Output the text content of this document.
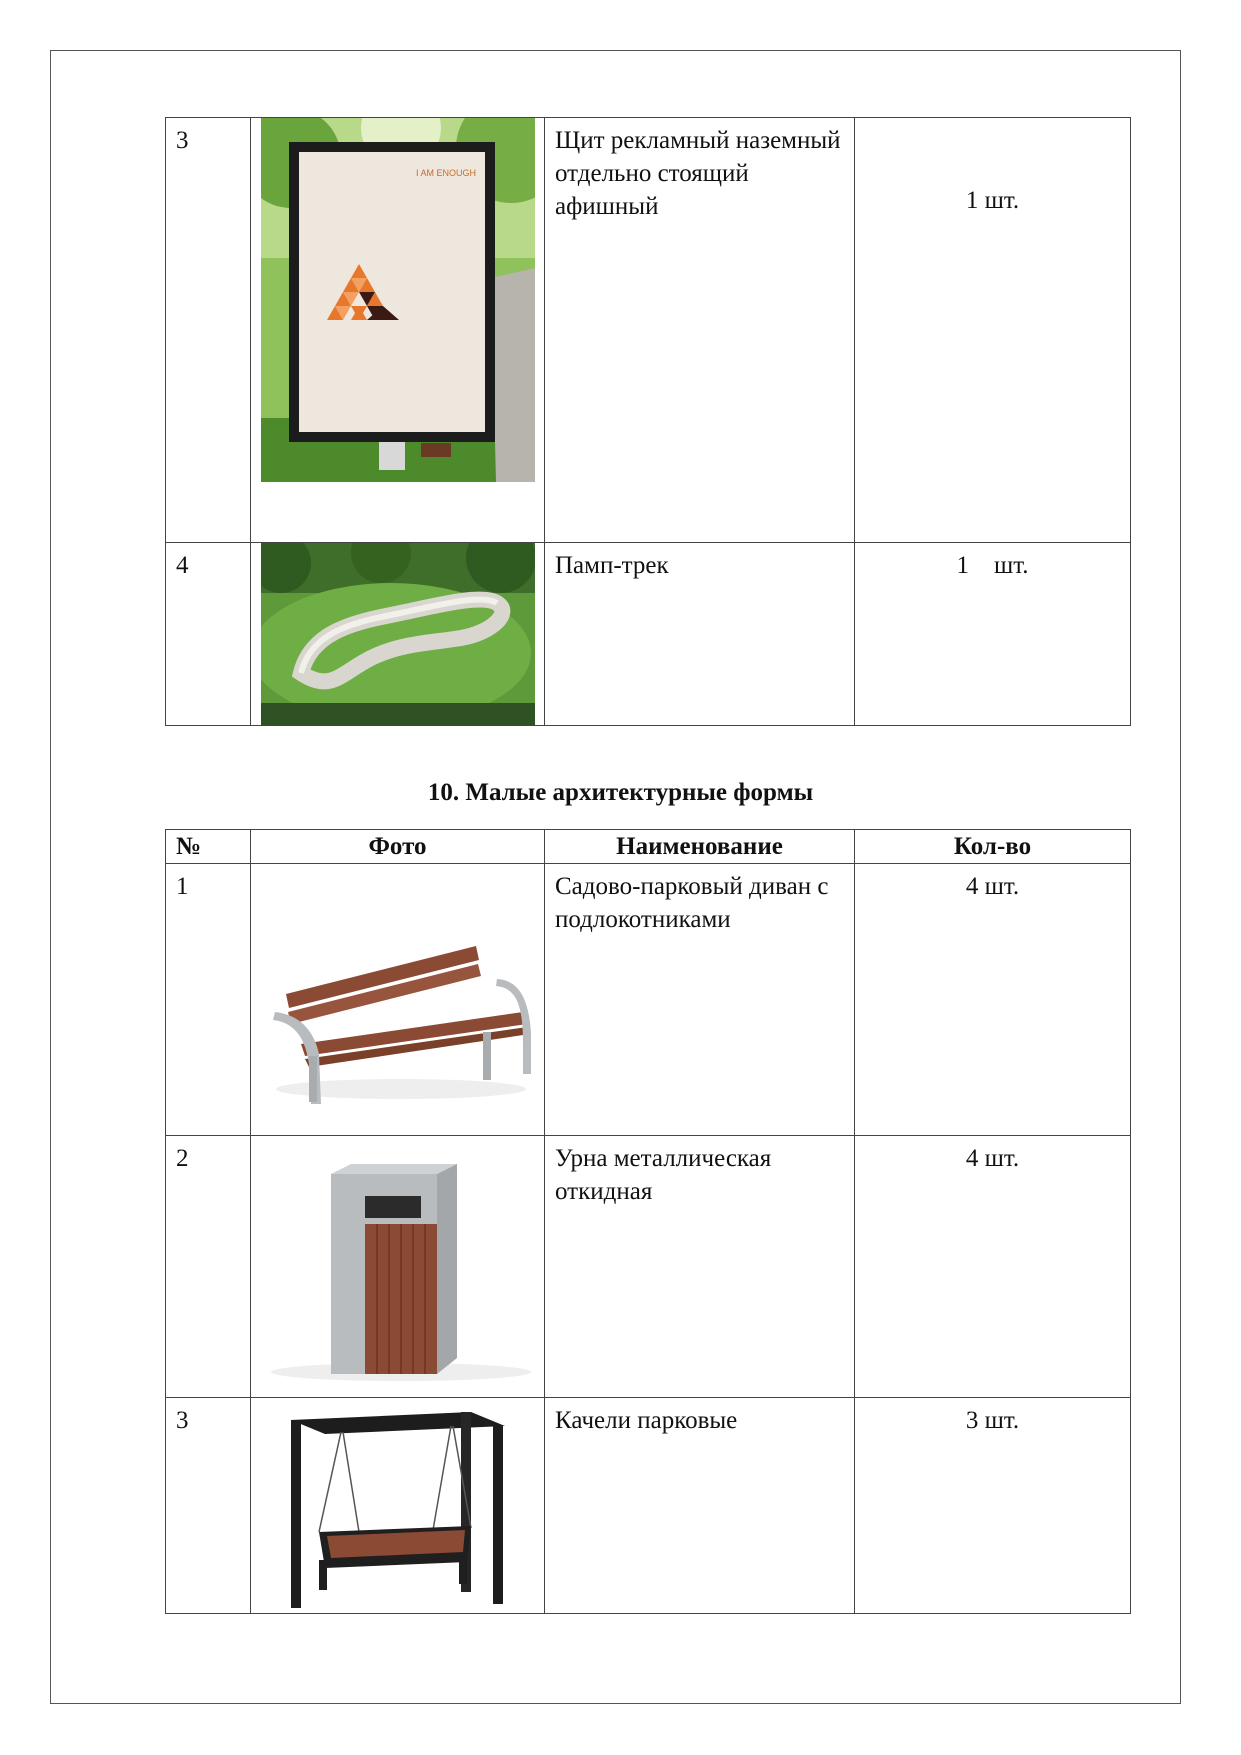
3	I AM ENOUGH	Щит рекламный наземный отдельно стоящий афишный	1 шт.
4		Памп-трек	1    шт.
10. Малые архитектурные формы
№	Фото	Наименование	Кол-во
1		Садово-парковый диван с подлокотниками	4 шт.
2		Урна металлическая откидная	4 шт.
3		Качели парковые	3 шт.
